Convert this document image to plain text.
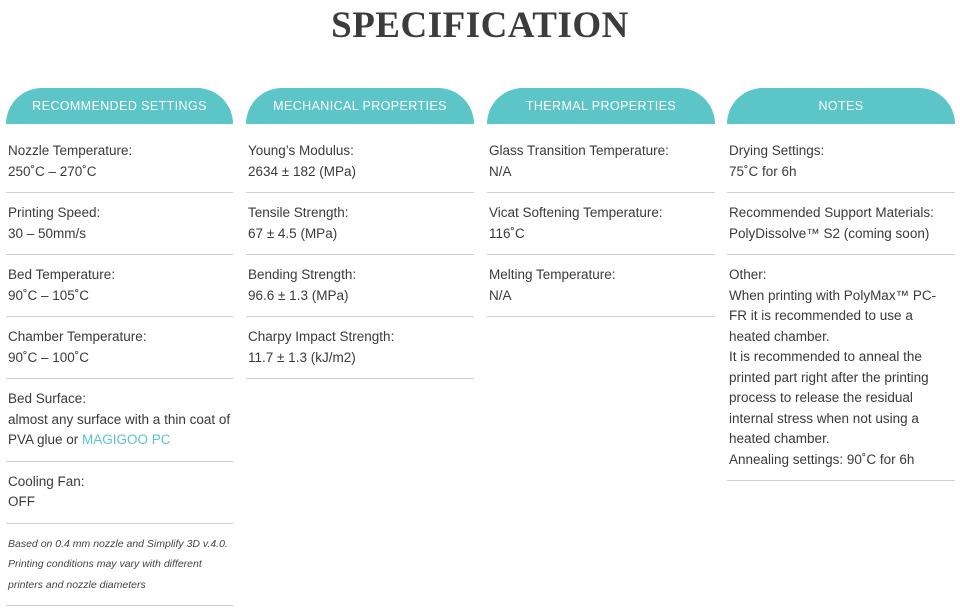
SPECIFICATION
RECOMMENDED SETTINGS
Nozzle Temperature:
250˚C – 270˚C
Printing Speed:
30 – 50mm/s
Bed Temperature:
90˚C – 105˚C
Chamber Temperature:
90˚C – 100˚C
Bed Surface:
almost any surface with a thin coat of PVA glue or MAGIGOO PC
Cooling Fan:
OFF
Based on 0.4 mm nozzle and Simplify 3D v.4.0. Printing conditions may vary with different printers and nozzle diameters
MECHANICAL PROPERTIES
Young’s Modulus:
2634 ± 182 (MPa)
Tensile Strength:
67 ± 4.5 (MPa)
Bending Strength:
96.6 ± 1.3 (MPa)
Charpy Impact Strength:
11.7 ± 1.3 (kJ/m2)
THERMAL PROPERTIES
Glass Transition Temperature:
N/A
Vicat Softening Temperature:
116˚C
Melting Temperature:
N/A
NOTES
Drying Settings:
75˚C for 6h
Recommended Support Materials:
PolyDissolve™ S2 (coming soon)
Other:
When printing with PolyMax™ PC-FR it is recommended to use a heated chamber.
It is recommended to anneal the printed part right after the printing process to release the residual internal stress when not using a heated chamber.
Annealing settings: 90˚C for 6h
